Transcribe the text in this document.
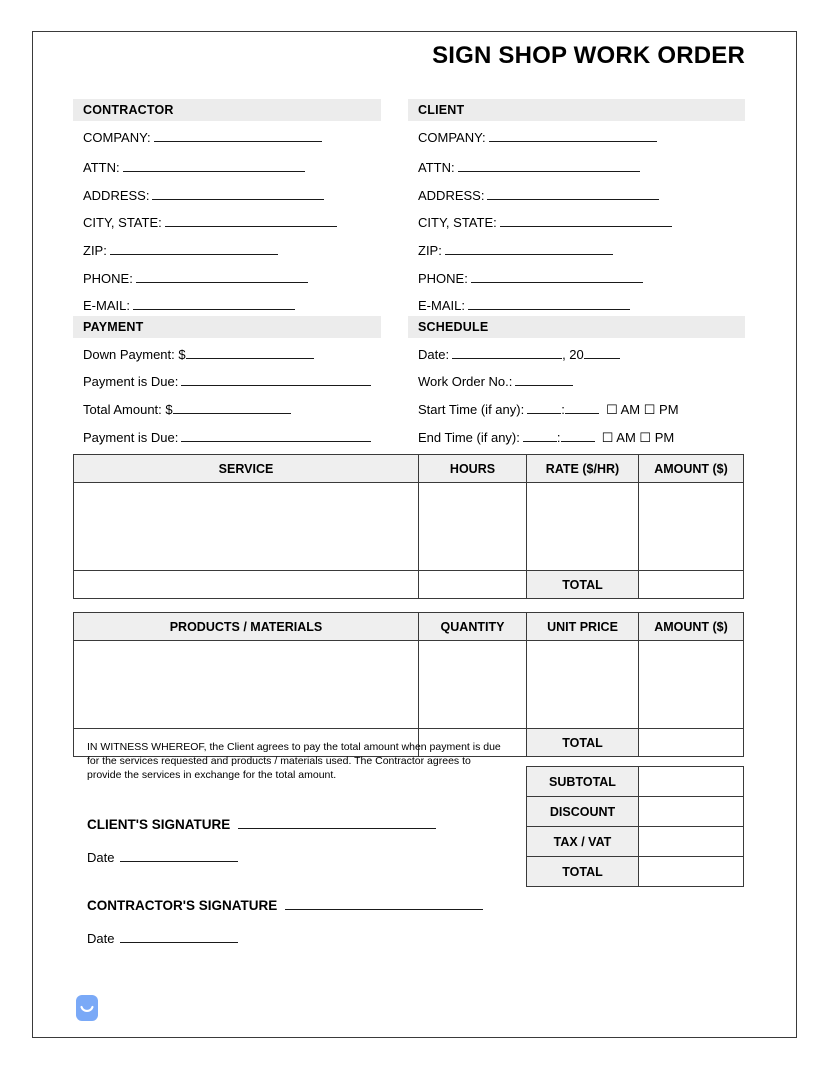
SIGN SHOP WORK ORDER
CONTRACTOR
COMPANY:
ATTN:
ADDRESS:
CITY, STATE:
ZIP:
PHONE:
E-MAIL:
CLIENT
COMPANY:
ATTN:
ADDRESS:
CITY, STATE:
ZIP:
PHONE:
E-MAIL:
PAYMENT
Down Payment: $
Payment is Due:
Total Amount: $
Payment is Due:
SCHEDULE
Date:	, 20
Work Order No.:
Start Time (if any):	:	☐ AM ☐ PM
End Time (if any):	:	☐ AM ☐ PM
SERVICE	HOURS	RATE ($/HR)	AMOUNT ($)

		TOTAL	
PRODUCTS / MATERIALS	QUANTITY	UNIT PRICE	AMOUNT ($)

		TOTAL	
IN WITNESS WHEREOF, the Client agrees to pay the total amount when payment is due for the services requested and products / materials used. The Contractor agrees to provide the services in exchange for the total amount.	SUBTOTAL	
DISCOUNT	
TAX / VAT	
TOTAL	
CLIENT'S SIGNATURE
Date
CONTRACTOR'S SIGNATURE
Date
